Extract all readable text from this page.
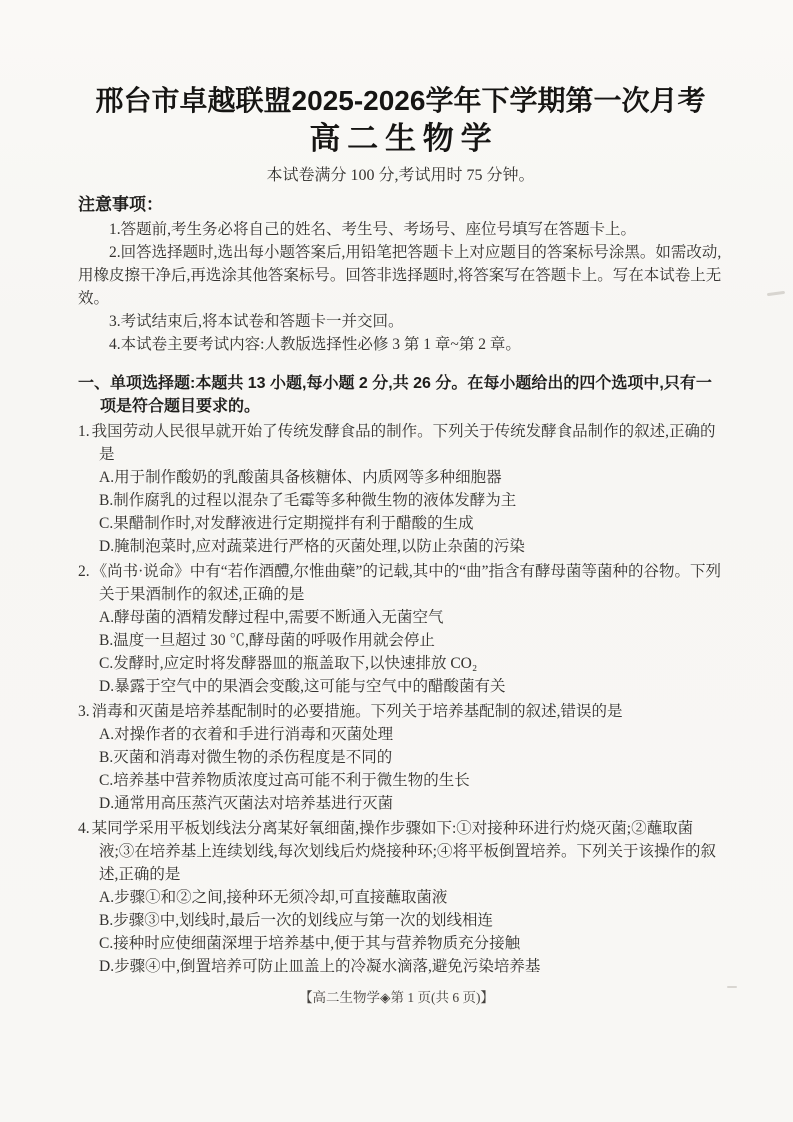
邢台市卓越联盟2025-2026学年下学期第一次月考
高二生物学

本试卷满分 100 分,考试用时 75 分钟。

注意事项：

1.答题前,考生务必将自己的姓名、考生号、考场号、座位号填写在答题卡上。

2.回答选择题时,选出每小题答案后,用铅笔把答题卡上对应题目的答案标号涂黑。如需改动,用橡皮擦干净后,再选涂其他答案标号。回答非选择题时,将答案写在答题卡上。写在本试卷上无效。

3.考试结束后,将本试卷和答题卡一并交回。

4.本试卷主要考试内容:人教版选择性必修 3 第 1 章~第 2 章。

一、单项选择题:本题共 13 小题,每小题 2 分,共 26 分。在每小题给出的四个选项中,只有一项是符合题目要求的。

1. 我国劳动人民很早就开始了传统发酵食品的制作。下列关于传统发酵食品制作的叙述,正确的是

A.用于制作酸奶的乳酸菌具备核糖体、内质网等多种细胞器

B.制作腐乳的过程以混杂了毛霉等多种微生物的液体发酵为主

C.果醋制作时,对发酵液进行定期搅拌有利于醋酸的生成

D.腌制泡菜时,应对蔬菜进行严格的灭菌处理,以防止杂菌的污染

2. 《尚书·说命》中有“若作酒醴,尔惟曲蘖”的记载,其中的“曲”指含有酵母菌等菌种的谷物。下列关于果酒制作的叙述,正确的是

A.酵母菌的酒精发酵过程中,需要不断通入无菌空气

B.温度一旦超过 30 ℃,酵母菌的呼吸作用就会停止

C.发酵时,应定时将发酵器皿的瓶盖取下,以快速排放 CO₂

D.暴露于空气中的果酒会变酸,这可能与空气中的醋酸菌有关

3. 消毒和灭菌是培养基配制时的必要措施。下列关于培养基配制的叙述,错误的是

A.对操作者的衣着和手进行消毒和灭菌处理

B.灭菌和消毒对微生物的杀伤程度是不同的

C.培养基中营养物质浓度过高可能不利于微生物的生长

D.通常用高压蒸汽灭菌法对培养基进行灭菌

4. 某同学采用平板划线法分离某好氧细菌,操作步骤如下:①对接种环进行灼烧灭菌;②蘸取菌液;③在培养基上连续划线,每次划线后灼烧接种环;④将平板倒置培养。下列关于该操作的叙述,正确的是

A.步骤①和②之间,接种环无须冷却,可直接蘸取菌液

B.步骤③中,划线时,最后一次的划线应与第一次的划线相连

C.接种时应使细菌深埋于培养基中,便于其与营养物质充分接触

D.步骤④中,倒置培养可防止皿盖上的冷凝水滴落,避免污染培养基

【高二生物学◈第 1 页(共 6 页)】
